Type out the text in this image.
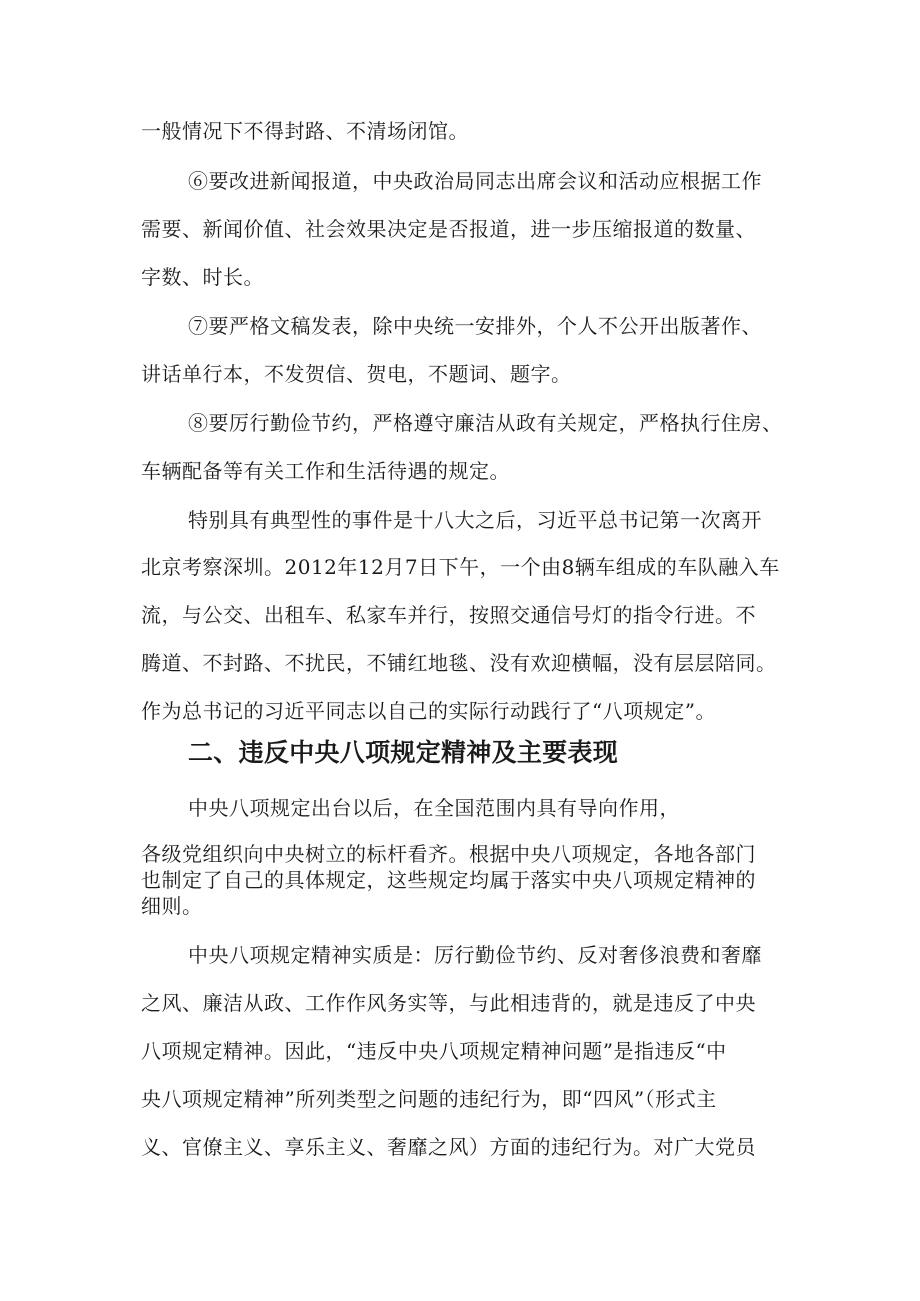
一般情况下不得封路、不清场闭馆。
⑥要改进新闻报道，中央政治局同志出席会议和活动应根据工作
需要、新闻价值、社会效果决定是否报道，进一步压缩报道的数量、
字数、时长。
⑦要严格文稿发表，除中央统一安排外，个人不公开出版著作、
讲话单行本，不发贺信、贺电，不题词、题字。
⑧要厉行勤俭节约，严格遵守廉洁从政有关规定，严格执行住房、
车辆配备等有关工作和生活待遇的规定。
特别具有典型性的事件是十八大之后，习近平总书记第一次离开
北京考察深圳。2012年12月7日下午，一个由8辆车组成的车队融入车
流，与公交、出租车、私家车并行，按照交通信号灯的指令行进。不
腾道、不封路、不扰民，不铺红地毯、没有欢迎横幅，没有层层陪同。
作为总书记的习近平同志以自己的实际行动践行了“八项规定”。
二、违反中央八项规定精神及主要表现
中央八项规定出台以后，在全国范围内具有导向作用，
各级党组织向中央树立的标杆看齐。根据中央八项规定，各地各部门
也制定了自己的具体规定，这些规定均属于落实中央八项规定精神的
细则。
中央八项规定精神实质是：厉行勤俭节约、反对奢侈浪费和奢靡
之风、廉洁从政、工作作风务实等，与此相违背的，就是违反了中央
八项规定精神。因此，“违反中央八项规定精神问题”是指违反“中
央八项规定精神”所列类型之问题的违纪行为，即“四风”（形式主
义、官僚主义、享乐主义、奢靡之风）方面的违纪行为。对广大党员
